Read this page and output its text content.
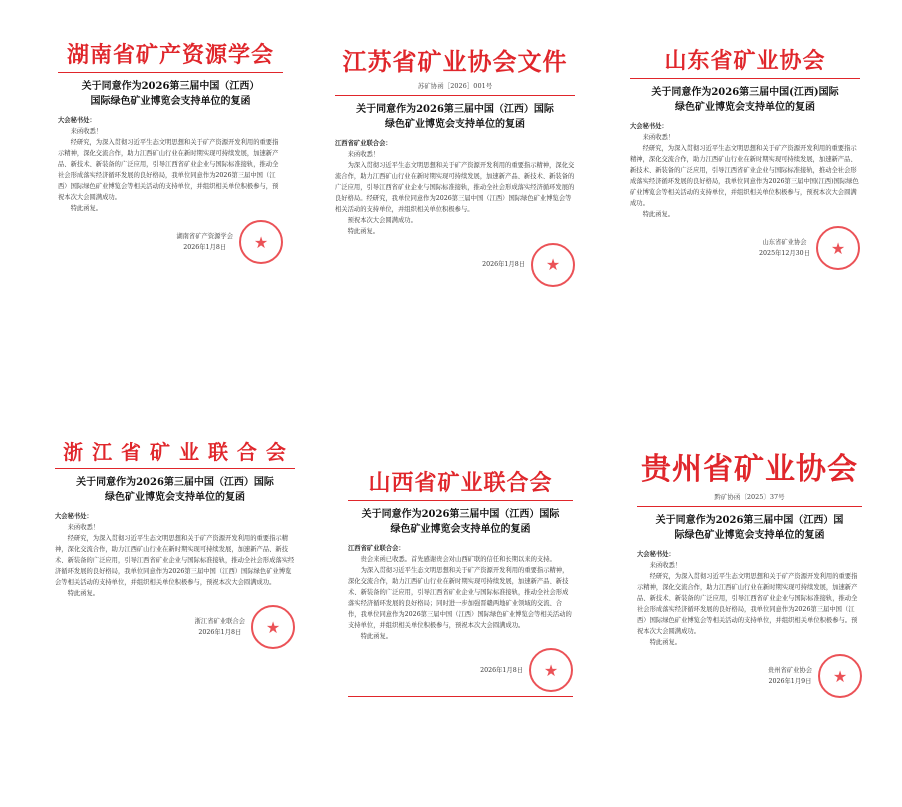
湖南省矿产资源学会
关于同意作为2026第三届中国（江西）
国际绿色矿业博览会支持单位的复函

大会秘书处：

来函收悉！

经研究，为深入贯彻习近平生态文明思想和关于矿产资源开发利用的重要指示精神，深化交流合作，助力江西矿山行业在新时期实现可持续发展，加速新产品、新技术、新装备的广泛应用，引导江西省矿业企业与国际标准接轨，推动全社会形成落实经济循环发展的良好格局，我单位同意作为2026第三届中国（江西）国际绿色矿业博览会等相关活动的支持单位，并组织相关单位积极参与，预祝本次大会圆满成功。

特此函复。

湖南省矿产资源学会
2026年1月8日	★
江苏省矿业协会文件
苏矿协函［2026］001号
关于同意作为2026第三届中国（江西）国际
绿色矿业博览会支持单位的复函

江西省矿业联合会：

来函收悉！

为深入贯彻习近平生态文明思想和关于矿产资源开发利用的重要指示精神，深化交流合作，助力江西矿山行业在新时期实现可持续发展，加速新产品、新技术、新装备的广泛应用，引导江西省矿业企业与国际标准接轨，推动全社会形成落实经济循环发展的良好格局。经研究，我单位同意作为2026第三届中国（江西）国际绿色矿业博览会等相关活动的支持单位，并组织相关单位积极参与。

预祝本次大会圆满成功。

特此函复。

2026年1月8日	★
山东省矿业协会
关于同意作为2026第三届中国(江西)国际
绿色矿业博览会支持单位的复函

大会秘书处：

来函收悉！

经研究，为深入贯彻习近平生态文明思想和关于矿产资源开发利用的重要指示精神，深化交流合作，助力江西矿山行业在新时期实现可持续发展，加速新产品、新技术、新装备的广泛应用，引导江西省矿业企业与国际标准接轨，推动全社会形成落实经济循环发展的良好格局，我单位同意作为2026第三届中国(江西)国际绿色矿业博览会等相关活动的支持单位，并组织相关单位积极参与，预祝本次大会圆满成功。

特此函复。

山东省矿业协会
2025年12月30日	★
浙 江 省 矿 业 联 合 会
关于同意作为2026第三届中国（江西）国际
绿色矿业博览会支持单位的复函

大会秘书处：

来函收悉！

经研究，为深入贯彻习近平生态文明思想和关于矿产资源开发利用的重要指示精神，深化交流合作，助力江西矿山行业在新时期实现可持续发展，加速新产品、新技术、新装备的广泛应用，引导江西省矿业企业与国际标准接轨，推动全社会形成落实经济循环发展的良好格局，我单位同意作为2026第三届中国（江西）国际绿色矿业博览会等相关活动的支持单位，并组织相关单位积极参与，预祝本次大会圆满成功。

特此函复。

浙江省矿业联合会
2026年1月8日	★
山西省矿业联合会
关于同意作为2026第三届中国（江西）国际
绿色矿业博览会支持单位的复函

江西省矿业联合会：

贵会来函已收悉。首先感谢贵会对山西矿联的信任和长期以来的支持。

为深入贯彻习近平生态文明思想和关于矿产资源开发利用的重要指示精神，深化交流合作，助力江西矿山行业在新时期实现可持续发展，加速新产品、新技术、新装备的广泛应用，引导江西省矿业企业与国际标准接轨，推动全社会形成落实经济循环发展的良好格局；同时进一步加强晋赣两地矿业领域的交流、合作，我单位同意作为2026第三届中国（江西）国际绿色矿业博览会等相关活动的支持单位，并组织相关单位积极参与，预祝本次大会圆满成功。

特此函复。

2026年1月8日	★
贵州省矿业协会
黔矿协函〔2025〕37号
关于同意作为2026第三届中国（江西）国
际绿色矿业博览会支持单位的复函

大会秘书处：

来函收悉！

经研究，为深入贯彻习近平生态文明思想和关于矿产资源开发利用的重要指示精神，深化交流合作，助力江西矿山行业在新时期实现可持续发展，加速新产品、新技术、新装备的广泛应用，引导江西省矿业企业与国际标准接轨，推动全社会形成落实经济循环发展的良好格局，我单位同意作为2026第三届中国（江西）国际绿色矿业博览会等相关活动的支持单位，并组织相关单位积极参与。预祝本次大会圆满成功。

特此函复。

贵州省矿业协会
2026年1月9日	★
